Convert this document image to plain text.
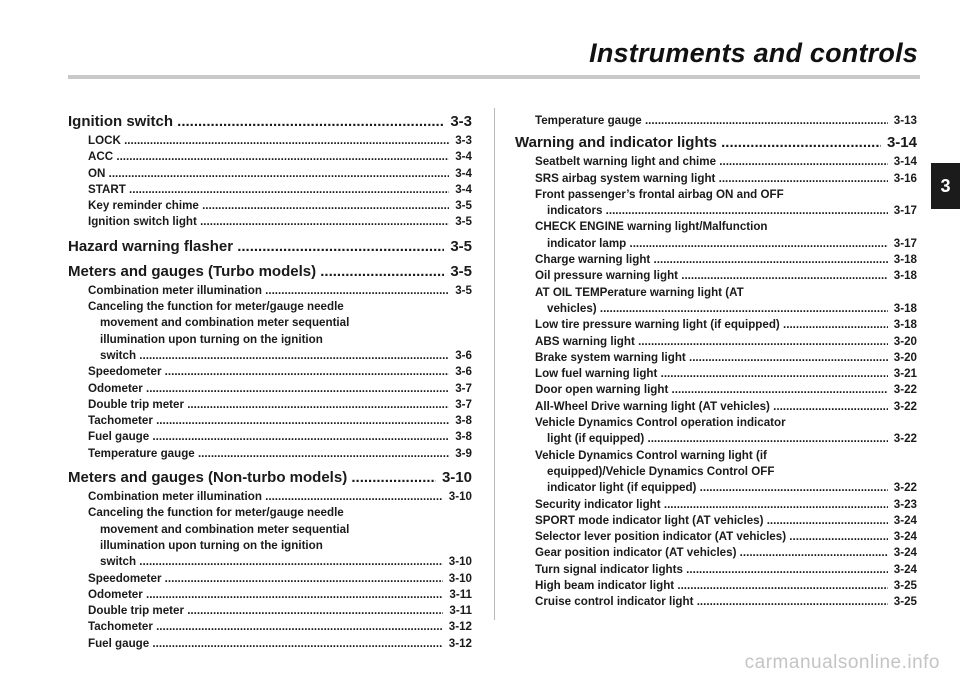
Instruments and controls
3
Ignition switch .....	3-3
LOCK .....	3-3
ACC .....	3-4
ON .....	3-4
START .....	3-4
Key reminder chime .....	3-5
Ignition switch light .....	3-5
Hazard warning flasher .....	3-5
Meters and gauges (Turbo models) .....	3-5
Combination meter illumination .....	3-5
Canceling the function for meter/gauge needle
movement and combination meter sequential
illumination upon turning on the ignition
switch .....	3-6
Speedometer .....	3-6
Odometer .....	3-7
Double trip meter .....	3-7
Tachometer .....	3-8
Fuel gauge .....	3-8
Temperature gauge .....	3-9
Meters and gauges (Non-turbo models) .....	3-10
Combination meter illumination .....	3-10
Canceling the function for meter/gauge needle
movement and combination meter sequential
illumination upon turning on the ignition
switch .....	3-10
Speedometer .....	3-10
Odometer .....	3-11
Double trip meter .....	3-11
Tachometer .....	3-12
Fuel gauge .....	3-12
Temperature gauge .....	3-13
Warning and indicator lights .....	3-14
Seatbelt warning light and chime .....	3-14
SRS airbag system warning light .....	3-16
Front passenger’s frontal airbag ON and OFF
indicators .....	3-17
CHECK ENGINE warning light/Malfunction
indicator lamp .....	3-17
Charge warning light .....	3-18
Oil pressure warning light .....	3-18
AT OIL TEMPerature warning light (AT
vehicles) .....	3-18
Low tire pressure warning light (if equipped) .....	3-18
ABS warning light .....	3-20
Brake system warning light .....	3-20
Low fuel warning light .....	3-21
Door open warning light .....	3-22
All-Wheel Drive warning light (AT vehicles) .....	3-22
Vehicle Dynamics Control operation indicator
light (if equipped) .....	3-22
Vehicle Dynamics Control warning light (if
equipped)/Vehicle Dynamics Control OFF
indicator light (if equipped) .....	3-22
Security indicator light .....	3-23
SPORT mode indicator light (AT vehicles) .....	3-24
Selector lever position indicator (AT vehicles) .....	3-24
Gear position indicator (AT vehicles) .....	3-24
Turn signal indicator lights .....	3-24
High beam indicator light .....	3-25
Cruise control indicator light .....	3-25
carmanualsonline.info
